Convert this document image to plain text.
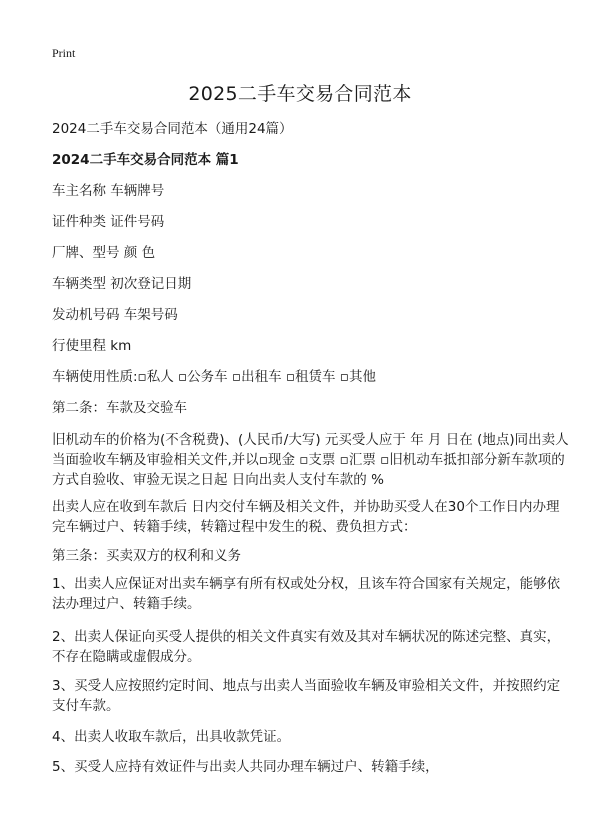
Print
2025二手车交易合同范本

2024二手车交易合同范本（通用24篇）

2024二手车交易合同范本 篇1

车主名称 车辆牌号

证件种类 证件号码

厂牌、型号 颜 色

车辆类型 初次登记日期

发动机号码 车架号码

行使里程 km

车辆使用性质:▫私人 ▫公务车 ▫出租车 ▫租赁车 ▫其他

第二条：车款及交验车

旧机动车的价格为(不含税费)、(人民币/大写) 元买受人应于 年 月 日在 (地点)同出卖人当面验收车辆及审验相关文件,并以▫现金 ▫支票 ▫汇票 ▫旧机动车抵扣部分新车款项的方式自验收、审验无误之日起 日向出卖人支付车款的 %

出卖人应在收到车款后 日内交付车辆及相关文件，并协助买受人在30个工作日内办理完车辆过户、转籍手续，转籍过程中发生的税、费负担方式：

第三条：买卖双方的权利和义务

1、出卖人应保证对出卖车辆享有所有权或处分权，且该车符合国家有关规定，能够依法办理过户、转籍手续。

2、出卖人保证向买受人提供的相关文件真实有效及其对车辆状况的陈述完整、真实，不存在隐瞒或虚假成分。

3、买受人应按照约定时间、地点与出卖人当面验收车辆及审验相关文件，并按照约定支付车款。

4、出卖人收取车款后，出具收款凭证。

5、买受人应持有效证件与出卖人共同办理车辆过户、转籍手续，
